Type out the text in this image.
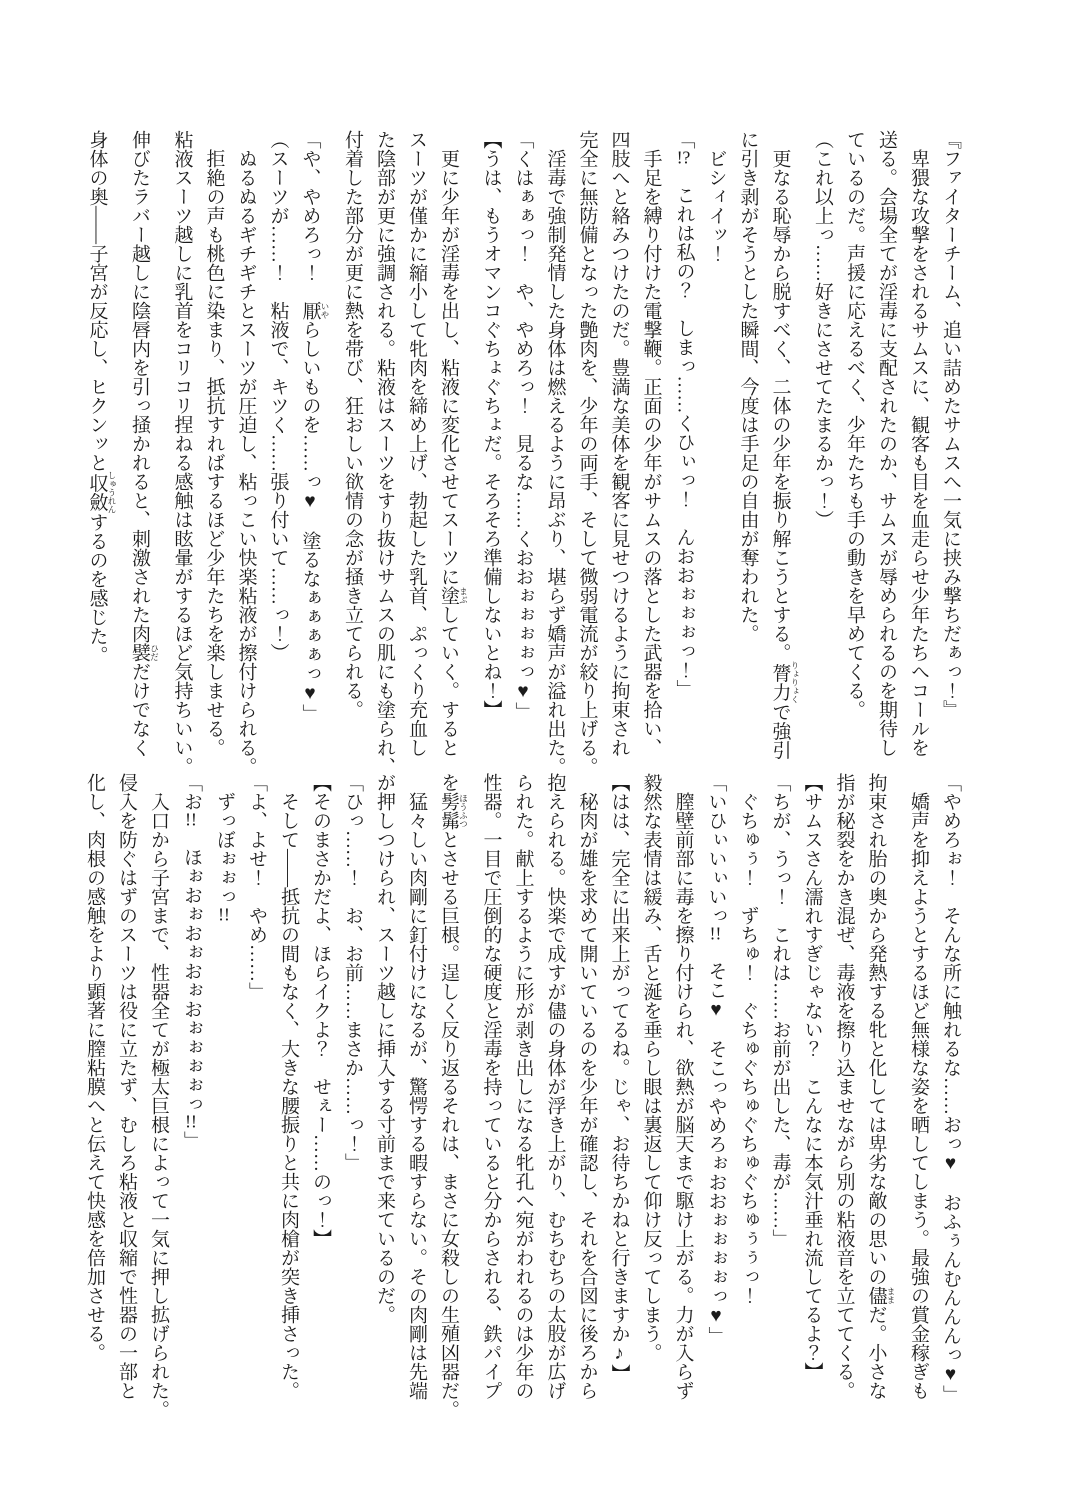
『ファイターチーム、追い詰めたサムスへ一気に挟み撃ちだぁっ！』

卑猥な攻撃をされるサムスに、観客も目を血走らせ少年たちへコールを

送る。会場全てが淫毒に支配されたのか、サムスが辱められるのを期待し

ているのだ。声援に応えるべく、少年たちも手の動きを早めてくる。

（これ以上っ……好きにさせてたまるかっ！）

更なる恥辱から脱すべく、二体の少年を振り解こうとする。膂力 りょりょくで強引

に引き剥がそうとした瞬間、今度は手足の自由が奪われた。

ビシィイッ！

「!?　これは私の？　しまっ……くひぃっ！　んおおぉぉぉっ！」

手足を縛り付けた電撃鞭。正面の少年がサムスの落とした武器を拾い、

四肢へと絡みつけたのだ。豊満な美体を観客に見せつけるように拘束され

完全に無防備となった艶肉を、少年の両手、そして微弱電流が絞り上げる。

淫毒で強制発情した身体は燃えるように昂ぶり、堪らず嬌声が溢れ出た。

「くはぁぁっ！　や、やめろっ！　見るな……くおおぉぉぉぉっ♥」

【うは、もうオマンコぐちょぐちょだ。そろそろ準備しないとね！】

更に少年が淫毒を出し、粘液に変化させてスーツに塗 まぶしていく。すると

スーツが僅かに縮小して牝肉を締め上げ、勃起した乳首、ぷっくり充血し

た陰部が更に強調される。粘液はスーツをすり抜けサムスの肌にも塗られ、

付着した部分が更に熱を帯び、狂おしい欲情の念が掻き立てられる。

「や、やめろっ！　厭 いやらしいものを……っ♥　塗るなぁぁぁぁっ♥」

（スーツが……！　粘液で、キツく……張り付いて……っ！）

ぬるぬるギチギチとスーツが圧迫し、粘っこい快楽粘液が擦付けられる。

拒絶の声も桃色に染まり、抵抗すればするほど少年たちを楽しませる。

粘液スーツ越しに乳首をコリコリ捏ねる感触は眩暈がするほど気持ちいい。

伸びたラバー越しに陰唇内を引っ掻かれると、刺激された肉襞 ひだだけでなく

身体の奥――子宮が反応し、ヒクンッと収斂 しゅうれんするのを感じた。

「やめろぉ！　そんな所に触れるな……おっ♥　おふぅんむんんんっ♥」

嬌声を抑えようとするほど無様な姿を晒してしまう。最強の賞金稼ぎも

拘束され胎の奥から発熱する牝と化しては卑劣な敵の思いの儘 ままだ。小さな

指が秘裂をかき混ぜ、毒液を擦り込ませながら別の粘液音を立ててくる。

【サムスさん濡れすぎじゃない？　こんなに本気汁垂れ流してるよ？】

「ちが、うっ！　これは……お前が出した、毒が……」

ぐちゅぅ！　ずちゅ！　ぐちゅぐちゅぐちゅぐちゅぅぅっ！

「いひぃいぃいっ!!　そこ♥　そこっやめろぉおおぉぉぉぉっ♥」

膣壁前部に毒を擦り付けられ、欲熱が脳天まで駆け上がる。力が入らず

毅然な表情は緩み、舌と涎を垂らし眼は裏返して仰け反ってしまう。

【はは、完全に出来上がってるね。じゃ、お待ちかねと行きますか♪】

秘肉が雄を求めて開いているのを少年が確認し、それを合図に後ろから

抱えられる。快楽で成すが儘の身体が浮き上がり、むちむちの太股が広げ

られた。献上するように形が剥き出しになる牝孔へ宛がわれるのは少年の

性器。一目で圧倒的な硬度と淫毒を持っていると分からされる、鉄パイプ

を髣髴 ほうふつとさせる巨根。逞しく反り返るそれは、まさに女殺しの生殖凶器だ。

猛々しい肉剛に釘付けになるが、驚愕する暇すらない。その肉剛は先端

が押しつけられ、スーツ越しに挿入する寸前まで来ているのだ。

「ひっ……！　お、お前……まさか……っ！」

【そのまさかだよ、ほらイクよ？　せぇー……のっ！】

そして――抵抗の間もなく、大きな腰振りと共に肉槍が突き挿さった。

「よ、よせ！　やめ……」

ずっぼぉぉっ!!

「お!!　ほぉおぉおぉおぉおぉぉぉぉっ!!」

入口から子宮まで、性器全てが極太巨根によって一気に押し拡げられた。

侵入を防ぐはずのスーツは役に立たず、むしろ粘液と収縮で性器の一部と

化し、肉根の感触をより顕著に膣粘膜へと伝えて快感を倍加させる。
